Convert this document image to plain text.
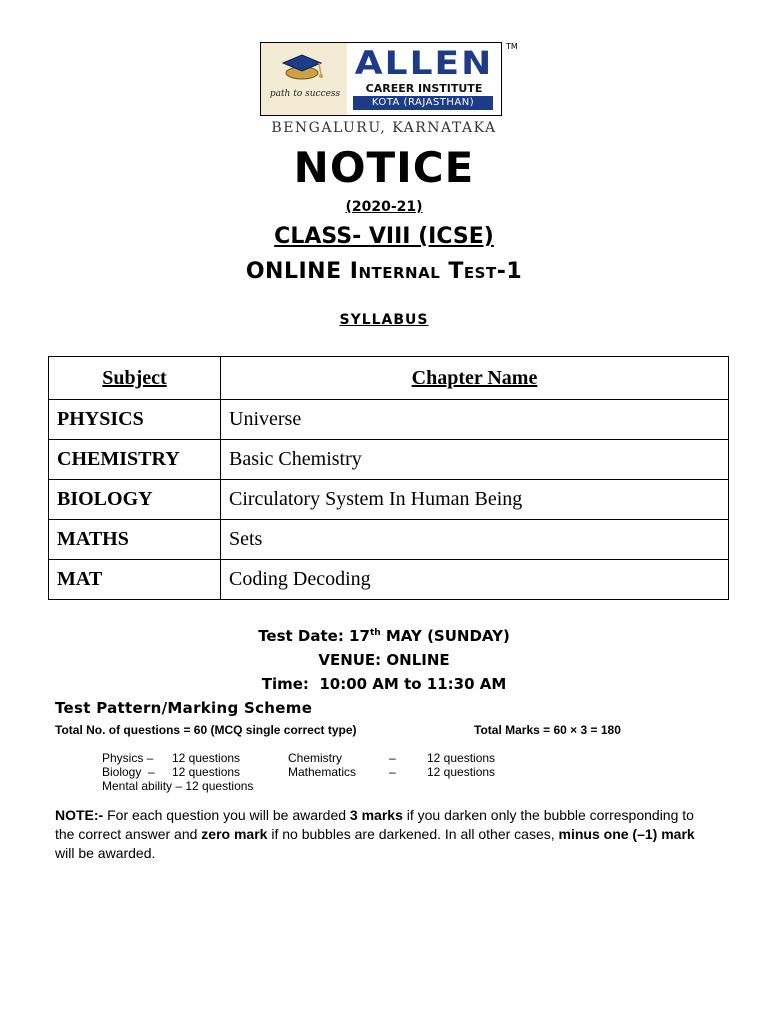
path to success
ALLEN
CAREER INSTITUTE
KOTA (RAJASTHAN)
TM
BENGALURU, KARNATAKA
NOTICE
(2020-21)
CLASS- VIII (ICSE)
ONLINE Internal Test-1
SYLLABUS
Subject	Chapter Name
PHYSICS	Universe
CHEMISTRY	Basic Chemistry
BIOLOGY	Circulatory System In Human Being
MATHS	Sets
MAT	Coding Decoding
Test Date: 17th MAY (SUNDAY)
VENUE: ONLINE
Time:  10:00 AM to 11:30 AM
Test Pattern/Marking Scheme
Total No. of questions = 60 (MCQ single correct type)	Total Marks = 60 × 3 = 180
Physics – 12 questions	Chemistry	–	12 questions
Biology  – 12 questions	Mathematics	–	12 questions
Mental ability – 12 questions
NOTE:- For each question you will be awarded 3 marks if you darken only the bubble corresponding to the correct answer and zero mark if no bubbles are darkened. In all other cases, minus one (–1) mark will be awarded.
